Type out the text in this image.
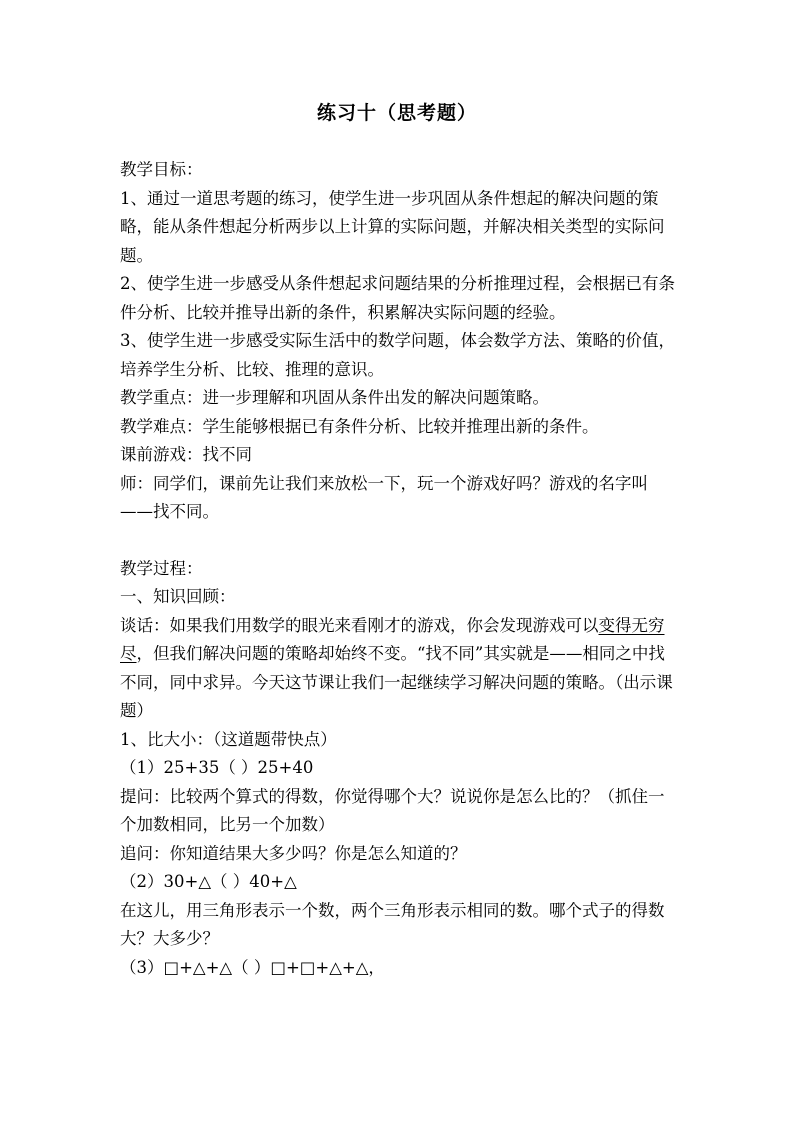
练习十（思考题）

教学目标：

1、通过一道思考题的练习，使学生进一步巩固从条件想起的解决问题的策略，能从条件想起分析两步以上计算的实际问题，并解决相关类型的实际问题。

2、使学生进一步感受从条件想起求问题结果的分析推理过程，会根据已有条件分析、比较并推导出新的条件，积累解决实际问题的经验。

3、使学生进一步感受实际生活中的数学问题，体会数学方法、策略的价值，培养学生分析、比较、推理的意识。

教学重点：进一步理解和巩固从条件出发的解决问题策略。

教学难点：学生能够根据已有条件分析、比较并推理出新的条件。

课前游戏：找不同

师：同学们，课前先让我们来放松一下，玩一个游戏好吗？游戏的名字叫——找不同。

教学过程：

一、知识回顾：

谈话：如果我们用数学的眼光来看刚才的游戏，你会发现游戏可以变得无穷尽，但我们解决问题的策略却始终不变。“找不同”其实就是——相同之中找不同，同中求异。今天这节课让我们一起继续学习解决问题的策略。（出示课题）

1、比大小：（这道题带快点）

（1）25+35（ ）25+40

提问：比较两个算式的得数，你觉得哪个大？说说你是怎么比的？（抓住一个加数相同，比另一个加数）

追问：你知道结果大多少吗？你是怎么知道的？

（2）30+△（ ）40+△

在这儿，用三角形表示一个数，两个三角形表示相同的数。哪个式子的得数大？大多少？

（3）□+△+△（ ）□+□+△+△，
